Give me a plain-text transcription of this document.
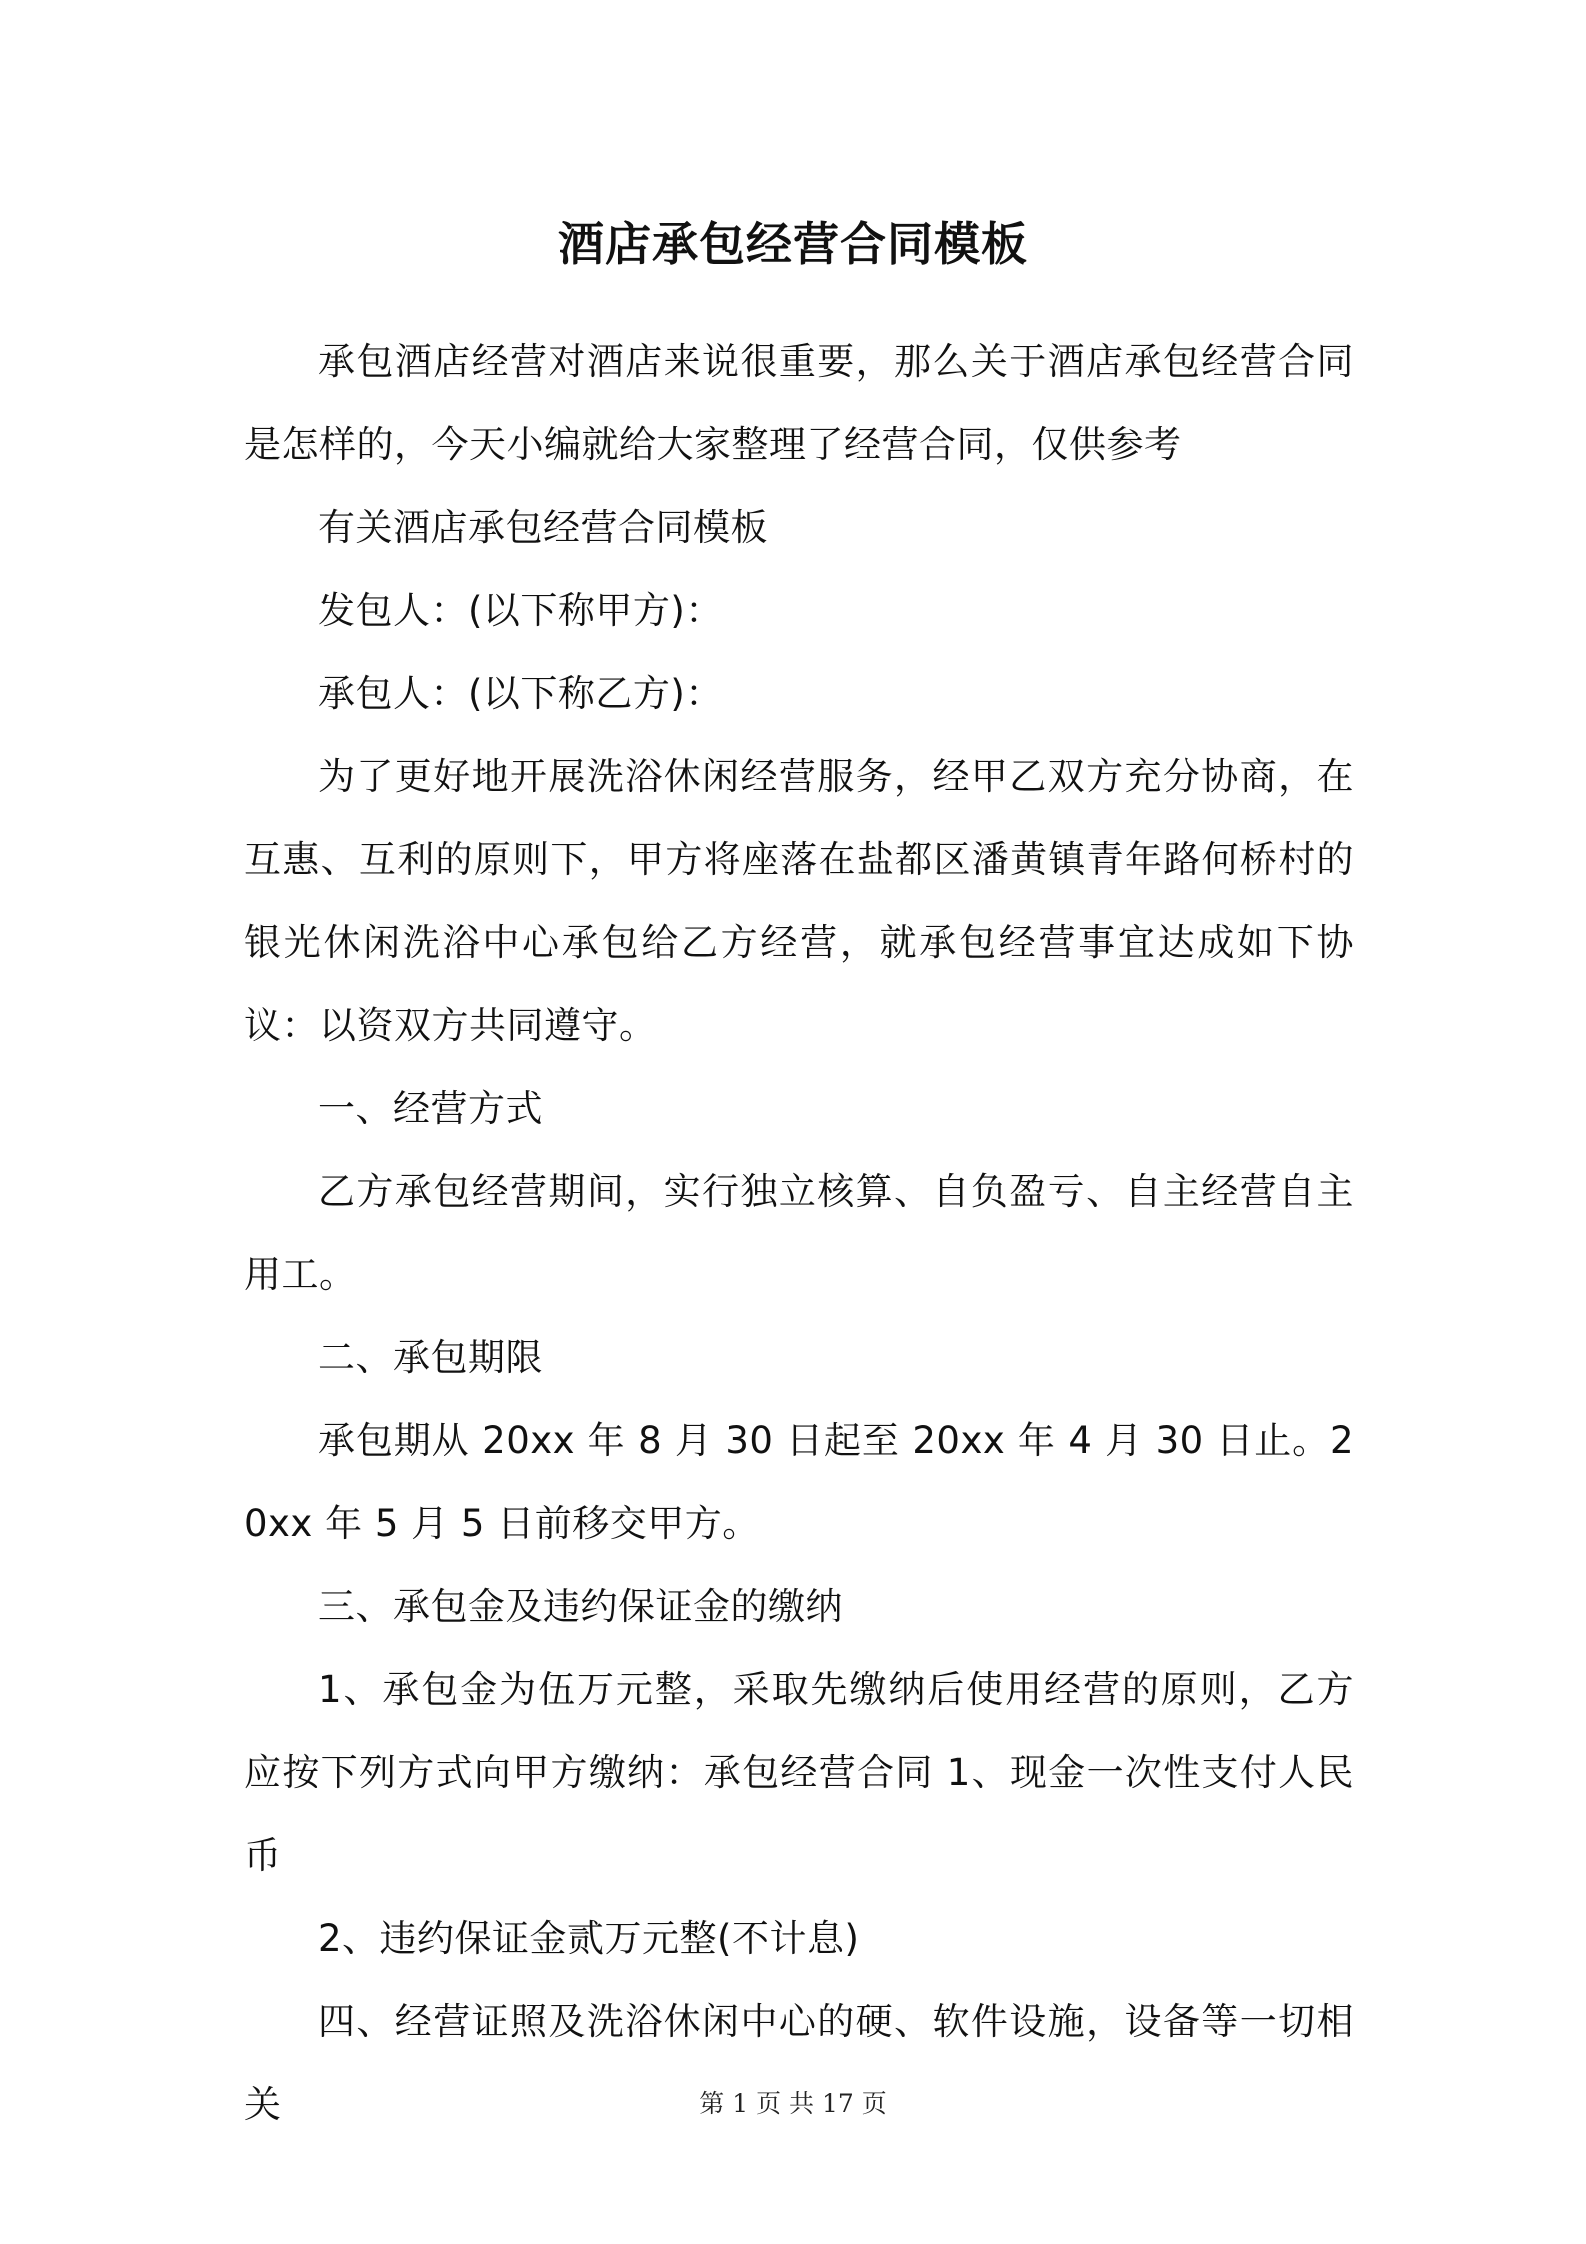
酒店承包经营合同模板

承包酒店经营对酒店来说很重要，那么关于酒店承包经营合同是怎样的，今天小编就给大家整理了经营合同，仅供参考

有关酒店承包经营合同模板

发包人：(以下称甲方)：

承包人：(以下称乙方)：

为了更好地开展洗浴休闲经营服务，经甲乙双方充分协商，在互惠、互利的原则下，甲方将座落在盐都区潘黄镇青年路何桥村的银光休闲洗浴中心承包给乙方经营，就承包经营事宜达成如下协议：以资双方共同遵守。

一、经营方式

乙方承包经营期间，实行独立核算、自负盈亏、自主经营自主用工。

二、承包期限

承包期从 20xx 年 8 月 30 日起至 20xx 年 4 月 30 日止。20xx 年 5 月 5 日前移交甲方。

三、承包金及违约保证金的缴纳

1、承包金为伍万元整，采取先缴纳后使用经营的原则，乙方应按下列方式向甲方缴纳：承包经营合同 1、现金一次性支付人民币

2、违约保证金贰万元整(不计息)

四、经营证照及洗浴休闲中心的硬、软件设施，设备等一切相关	第 1 页 共 17 页
